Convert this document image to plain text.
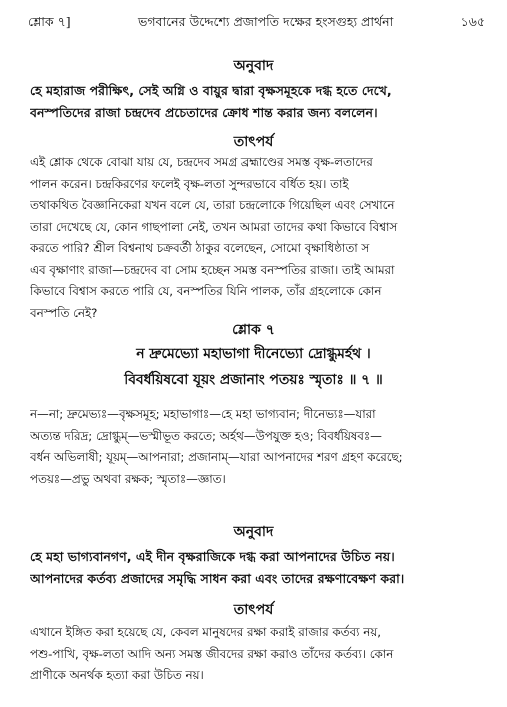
শ্লোক ৭]	ভগবানের উদ্দেশ্যে প্রজাপতি দক্ষের হংসগুহ্য প্রার্থনা	১৬৫
অনুবাদ
হে মহারাজ পরীক্ষিৎ, সেই অগ্নি ও বায়ুর দ্বারা বৃক্ষসমূহকে দগ্ধ হতে দেখে,
বনস্পতিদের রাজা চন্দ্রদেব প্রচেতাদের ক্রোধ শান্ত করার জন্য বললেন।
তাৎপর্য
এই শ্লোক থেকে বোঝা যায় যে, চন্দ্রদেব সমগ্র ব্রহ্মাণ্ডের সমস্ত বৃক্ষ-লতাদের
পালন করেন। চন্দ্রকিরণের ফলেই বৃক্ষ-লতা সুন্দরভাবে বর্ধিত হয়। তাই
তথাকথিত বৈজ্ঞানিকেরা যখন বলে যে, তারা চন্দ্রলোকে গিয়েছিল এবং সেখানে
তারা দেখেছে যে, কোন গাছপালা নেই, তখন আমরা তাদের কথা কিভাবে বিশ্বাস
করতে পারি? শ্রীল বিশ্বনাথ চক্রবর্তী ঠাকুর বলেছেন, সোমো বৃক্ষাধিষ্ঠাতা স
এব বৃক্ষাণাং রাজা—চন্দ্রদেব বা সোম হচ্ছেন সমস্ত বনস্পতির রাজা। তাই আমরা
কিভাবে বিশ্বাস করতে পারি যে, বনস্পতির যিনি পালক, তাঁর গ্রহলোকে কোন
বনস্পতি নেই?
শ্লোক ৭
ন দ্রুমেভ্যো মহাভাগা দীনেভ্যো দ্রোগ্ধুমর্হথ ।
বিবর্ধয়িষবো যূয়ং প্রজানাং পতয়ঃ স্মৃতাঃ ॥ ৭ ॥
ন—না; দ্রুমেভ্যঃ—বৃক্ষসমূহ; মহাভাগাঃ—হে মহা ভাগ্যবান; দীনেভ্যঃ—যারা
অত্যন্ত দরিদ্র; দ্রোগ্ধুম্—ভস্মীভূত করতে; অর্হথ—উপযুক্ত হও; বিবর্ধয়িষবঃ—
বর্ধন অভিলাষী; যূয়ম্—আপনারা; প্রজানাম্—যারা আপনাদের শরণ গ্রহণ করেছে;
পতয়ঃ—প্রভু অথবা রক্ষক; স্মৃতাঃ—জ্ঞাত।
অনুবাদ
হে মহা ভাগ্যবানগণ, এই দীন বৃক্ষরাজিকে দগ্ধ করা আপনাদের উচিত নয়।
আপনাদের কর্তব্য প্রজাদের সমৃদ্ধি সাধন করা এবং তাদের রক্ষণাবেক্ষণ করা।
তাৎপর্য
এখানে ইঙ্গিত করা হয়েছে যে, কেবল মানুষদের রক্ষা করাই রাজার কর্তব্য নয়,
পশু-পাখি, বৃক্ষ-লতা আদি অন্য সমস্ত জীবদের রক্ষা করাও তাঁদের কর্তব্য। কোন
প্রাণীকে অনর্থক হত্যা করা উচিত নয়।
